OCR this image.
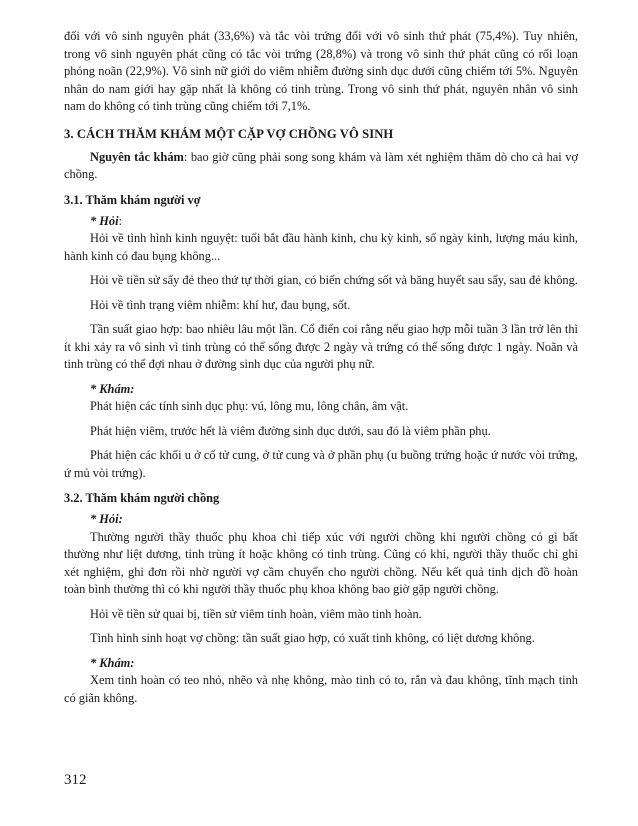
đối với vô sinh nguyên phát (33,6%) và tắc vòi trứng đối với vô sinh thứ phát (75,4%). Tuy nhiên, trong vô sinh nguyên phát cũng có tắc vòi trứng (28,8%) và trong vô sinh thứ phát cũng có rối loạn phóng noãn (22,9%). Vô sinh nữ giới do viêm nhiễm đường sinh dục dưới cũng chiếm tới 5%. Nguyên nhân do nam giới hay gặp nhất là không có tinh trùng. Trong vô sinh thứ phát, nguyên nhân vô sinh nam do không có tinh trùng cũng chiếm tới 7,1%.

3. CÁCH THĂM KHÁM MỘT CẶP VỢ CHỒNG VÔ SINH

Nguyên tắc khám: bao giờ cũng phải song song khám và làm xét nghiệm thăm dò cho cả hai vợ chồng.

3.1. Thăm khám người vợ

* Hỏi:

Hỏi về tình hình kinh nguyệt: tuổi bắt đầu hành kinh, chu kỳ kinh, số ngày kinh, lượng máu kinh, hành kinh có đau bụng không...

Hỏi về tiền sử sẩy đẻ theo thứ tự thời gian, có biến chứng sốt và băng huyết sau sẩy, sau đẻ không.

Hỏi về tình trạng viêm nhiễm: khí hư, đau bụng, sốt.

Tần suất giao hợp: bao nhiêu lâu một lần. Cổ điển coi rằng nếu giao hợp mỗi tuần 3 lần trở lên thì ít khi xảy ra vô sinh vì tinh trùng có thể sống được 2 ngày và trứng có thể sống được 1 ngày. Noãn và tinh trùng có thể đợi nhau ở đường sinh dục của người phụ nữ.

* Khám:

Phát hiện các tính sinh dục phụ: vú, lông mu, lông chân, âm vật.

Phát hiện viêm, trước hết là viêm đường sinh dục dưới, sau đó là viêm phần phụ.

Phát hiện các khối u ở cổ tử cung, ở tử cung và ở phần phụ (u buồng trứng hoặc ứ nước vòi trứng, ứ mủ vòi trứng).

3.2. Thăm khám người chồng

* Hỏi:

Thường người thầy thuốc phụ khoa chỉ tiếp xúc với người chồng khi người chồng có gì bất thường như liệt dương, tinh trùng ít hoặc không có tinh trùng. Cũng có khi, người thầy thuốc chỉ ghi xét nghiệm, ghi đơn rồi nhờ người vợ cầm chuyển cho người chồng. Nếu kết quả tinh dịch đồ hoàn toàn bình thường thì có khi người thầy thuốc phụ khoa không bao giờ gặp người chồng.

Hỏi về tiền sử quai bị, tiền sử viêm tinh hoàn, viêm mào tinh hoàn.

Tình hình sinh hoạt vợ chồng: tần suất giao hợp, có xuất tinh không, có liệt dương không.

* Khám:

Xem tinh hoàn có teo nhỏ, nhẽo và nhẹ không, mào tinh có to, rắn và đau không, tĩnh mạch tinh có giãn không.

312
